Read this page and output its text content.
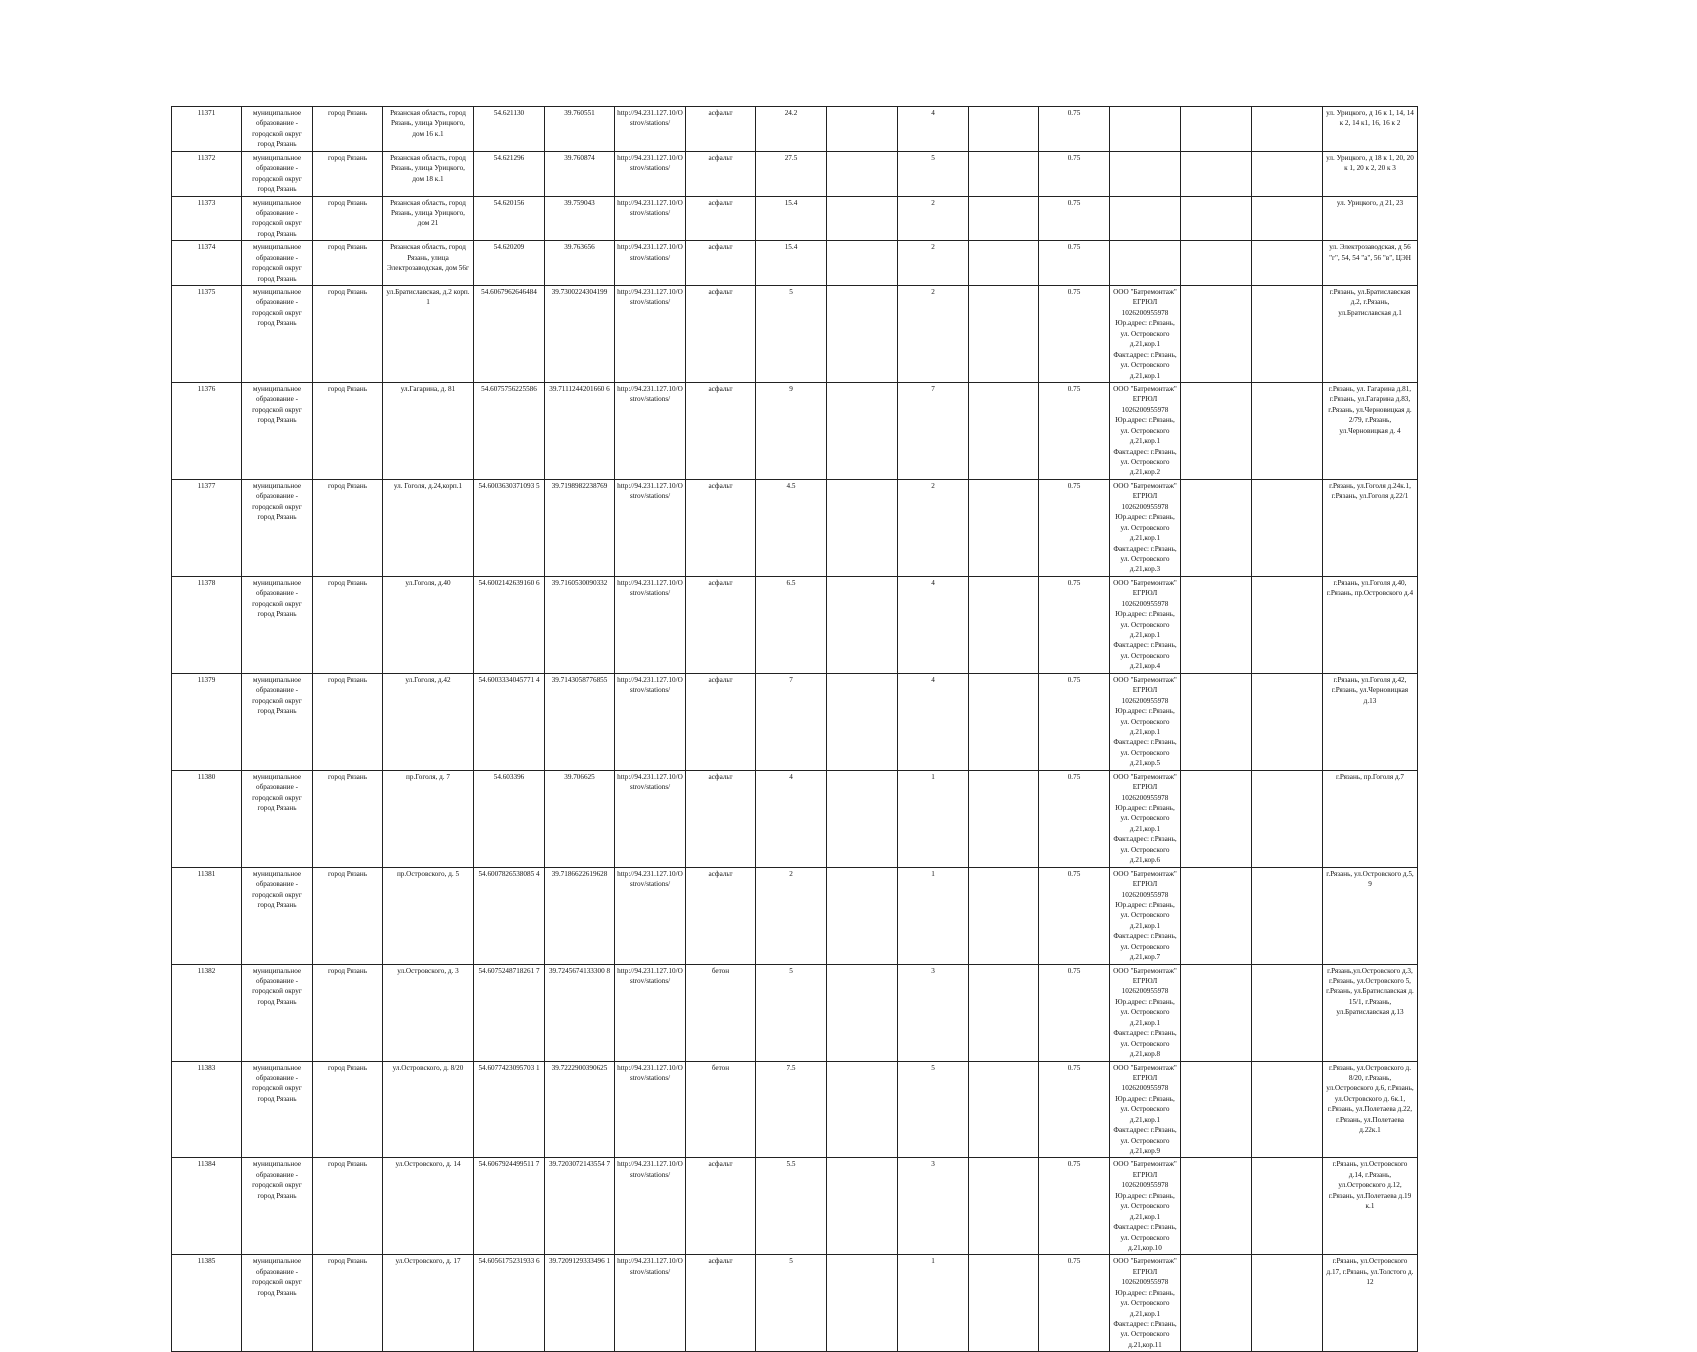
11371	муниципальное образование - городской округ город Рязань	город Рязань	Рязанская область, город Рязань, улица Урицкого, дом 16 к.1	54.621130	39.760551	http://94.231.127.10/Ostrov/stations/	асфальт	24.2		4		0.75				ул. Урицкого, д 16 к 1, 14, 14 к 2, 14 к1, 16, 16 к 2
11372	муниципальное образование - городской округ город Рязань	город Рязань	Рязанская область, город Рязань, улица Урицкого, дом 18 к.1	54.621296	39.760874	http://94.231.127.10/Ostrov/stations/	асфальт	27.5		5		0.75				ул. Урицкого, д 18 к 1, 20, 20 к 1, 20 к 2, 20 к 3
11373	муниципальное образование - городской округ город Рязань	город Рязань	Рязанская область, город Рязань, улица Урицкого, дом 21	54.620156	39.759043	http://94.231.127.10/Ostrov/stations/	асфальт	15.4		2		0.75				ул. Урицкого, д 21, 23
11374	муниципальное образование - городской округ город Рязань	город Рязань	Рязанская область, город Рязань, улица Электрозаводская, дом 56г	54.620209	39.763656	http://94.231.127.10/Ostrov/stations/	асфальт	15.4		2		0.75				ул. Электрозаводская, д 56 "г", 54, 54 "а", 56 "в", ЦЭН
11375	муниципальное образование - городской округ город Рязань	город Рязань	ул.Братиславская, д.2 корп. 1	54.6067962646484	39.7300224304199	http://94.231.127.10/Ostrov/stations/	асфальт	5		2		0.75	ООО "Батремонтаж" ЕГРЮЛ 1026200955978 Юр.адрес: г.Рязань, ул. Островского д.21,кор.1 Факт.адрес: г.Рязань, ул. Островского д.21,кор.1			г.Рязань, ул.Братиславская д.2, г.Рязань, ул.Братиславская д.1
11376	муниципальное образование - городской округ город Рязань	город Рязань	ул.Гагарина, д. 81	54.6075756225586	39.7111244201660 6	http://94.231.127.10/Ostrov/stations/	асфальт	9		7		0.75	ООО "Батремонтаж" ЕГРЮЛ 1026200955978 Юр.адрес: г.Рязань, ул. Островского д.21,кор.1 Факт.адрес: г.Рязань, ул. Островского д.21,кор.2			г.Рязань, ул. Гагарина д.81, г.Рязань, ул.Гагарина д.83, г.Рязань, ул.Черновицкая д. 2/79, г.Рязань, ул.Черновицкая д. 4
11377	муниципальное образование - городской округ город Рязань	город Рязань	ул. Гоголя, д.24,корп.1	54.6003630371093 5	39.7198982238769	http://94.231.127.10/Ostrov/stations/	асфальт	4.5		2		0.75	ООО "Батремонтаж" ЕГРЮЛ 1026200955978 Юр.адрес: г.Рязань, ул. Островского д.21,кор.1 Факт.адрес: г.Рязань, ул. Островского д.21,кор.3			г.Рязань, ул.Гоголя д.24к.1, г.Рязань, ул.Гоголя д.22/1
11378	муниципальное образование - городской округ город Рязань	город Рязань	ул.Гоголя, д.40	54.6002142639160 6	39.7160530090332	http://94.231.127.10/Ostrov/stations/	асфальт	6.5		4		0.75	ООО "Батремонтаж" ЕГРЮЛ 1026200955978 Юр.адрес: г.Рязань, ул. Островского д.21,кор.1 Факт.адрес: г.Рязань, ул. Островского д.21,кор.4			г.Рязань, ул.Гоголя д.40, г.Рязань, пр.Островского д.4
11379	муниципальное образование - городской округ город Рязань	город Рязань	ул.Гоголя, д.42	54.6003334045771 4	39.7143058776855	http://94.231.127.10/Ostrov/stations/	асфальт	7		4		0.75	ООО "Батремонтаж" ЕГРЮЛ 1026200955978 Юр.адрес: г.Рязань, ул. Островского д.21,кор.1 Факт.адрес: г.Рязань, ул. Островского д.21,кор.5			г.Рязань, ул.Гоголя д.42, г.Рязань, ул.Черновицкая д.13
11380	муниципальное образование - городской округ город Рязань	город Рязань	пр.Гоголя, д. 7	54.603396	39.706625	http://94.231.127.10/Ostrov/stations/	асфальт	4		1		0.75	ООО "Батремонтаж" ЕГРЮЛ 1026200955978 Юр.адрес: г.Рязань, ул. Островского д.21,кор.1 Факт.адрес: г.Рязань, ул. Островского д.21,кор.6			г.Рязань, пр.Гоголя д.7
11381	муниципальное образование - городской округ город Рязань	город Рязань	пр.Островского, д. 5	54.6007826538085 4	39.7186622619628	http://94.231.127.10/Ostrov/stations/	асфальт	2		1		0.75	ООО "Батремонтаж" ЕГРЮЛ 1026200955978 Юр.адрес: г.Рязань, ул. Островского д.21,кор.1 Факт.адрес: г.Рязань, ул. Островского д.21,кор.7			г.Рязань, ул.Островского д.5, 9
11382	муниципальное образование - городской округ город Рязань	город Рязань	ул.Островского, д. 3	54.6075248718261 7	39.7245674133300 8	http://94.231.127.10/Ostrov/stations/	бетон	5		3		0.75	ООО "Батремонтаж" ЕГРЮЛ 1026200955978 Юр.адрес: г.Рязань, ул. Островского д.21,кор.1 Факт.адрес: г.Рязань, ул. Островского д.21,кор.8			г.Рязань,ул.Островского д.3, г.Рязань, ул.Островского 5, г.Рязань, ул.Братиславская д. 15/1, г.Рязань, ул.Братиславская д.13
11383	муниципальное образование - городской округ город Рязань	город Рязань	ул.Островского, д. 8/20	54.6077423095703 1	39.7222900390625	http://94.231.127.10/Ostrov/stations/	бетон	7.5		5		0.75	ООО "Батремонтаж" ЕГРЮЛ 1026200955978 Юр.адрес: г.Рязань, ул. Островского д.21,кор.1 Факт.адрес: г.Рязань, ул. Островского д.21,кор.9			г.Рязань, ул.Островского д. 8/20, г.Рязань, ул.Островского д.6, г.Рязань, ул.Островского д. 6к.1, г.Рязань, ул.Полетаева д.22, г.Рязань, ул.Полетаева д.22к.1
11384	муниципальное образование - городской округ город Рязань	город Рязань	ул.Островского, д. 14	54.6067924499511 7	39.7203072143554 7	http://94.231.127.10/Ostrov/stations/	асфальт	5.5		3		0.75	ООО "Батремонтаж" ЕГРЮЛ 1026200955978 Юр.адрес: г.Рязань, ул. Островского д.21,кор.1 Факт.адрес: г.Рязань, ул. Островского д.21,кор.10			г.Рязань, ул.Островского д.14, г.Рязань, ул.Островского д.12, г.Рязань, ул.Полетаева д.19 к.1
11385	муниципальное образование - городской округ город Рязань	город Рязань	ул.Островского, д. 17	54.6056175231933 6	39.7209129333496 1	http://94.231.127.10/Ostrov/stations/	асфальт	5		1		0.75	ООО "Батремонтаж" ЕГРЮЛ 1026200955978 Юр.адрес: г.Рязань, ул. Островского д.21,кор.1 Факт.адрес: г.Рязань, ул. Островского д.21,кор.11			г.Рязань, ул.Островского д.17, г.Рязань, ул.Толстого д. 12
